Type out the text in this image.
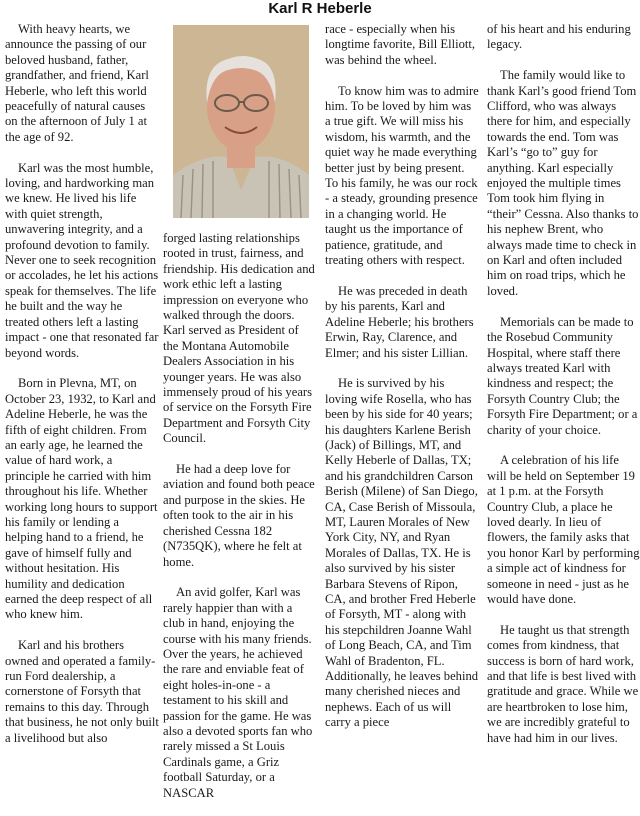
Karl R Heberle

With heavy hearts, we announce the passing of our beloved husband, father, grandfather, and friend, Karl Heberle, who left this world peacefully of natural causes on the afternoon of July 1 at the age of 92.

Karl was the most humble, loving, and hardworking man we knew. He lived his life with quiet strength, unwavering integrity, and a profound devotion to family. Never one to seek recognition or accolades, he let his actions speak for themselves. The life he built and the way he treated others left a lasting impact - one that resonated far beyond words.

Born in Plevna, MT, on October 23, 1932, to Karl and Adeline Heberle, he was the fifth of eight children. From an early age, he learned the value of hard work, a principle he carried with him throughout his life. Whether working long hours to support his family or lending a helping hand to a friend, he gave of himself fully and without hesitation. His humility and dedication earned the deep respect of all who knew him.

Karl and his brothers owned and operated a family-run Ford dealership, a cornerstone of Forsyth that remains to this day. Through that business, he not only built a livelihood but also

forged lasting relationships rooted in trust, fairness, and friendship. His dedication and work ethic left a lasting impression on everyone who walked through the doors. Karl served as President of the Montana Automobile Dealers Association in his younger years. He was also immensely proud of his years of service on the Forsyth Fire Department and Forsyth City Council.

He had a deep love for aviation and found both peace and purpose in the skies. He often took to the air in his cherished Cessna 182 (N735QK), where he felt at home.

An avid golfer, Karl was rarely happier than with a club in hand, enjoying the course with his many friends. Over the years, he achieved the rare and enviable feat of eight holes-in-one - a testament to his skill and passion for the game. He was also a devoted sports fan who rarely missed a St Louis Cardinals game, a Griz football Saturday, or a NASCAR

race - especially when his longtime favorite, Bill Elliott, was behind the wheel.

To know him was to admire him. To be loved by him was a true gift. We will miss his wisdom, his warmth, and the quiet way he made everything better just by being present. To his family, he was our rock - a steady, grounding presence in a changing world. He taught us the importance of patience, gratitude, and treating others with respect.

He was preceded in death by his parents, Karl and Adeline Heberle; his brothers Erwin, Ray, Clarence, and Elmer; and his sister Lillian.

He is survived by his loving wife Rosella, who has been by his side for 40 years; his daughters Karlene Berish (Jack) of Billings, MT, and Kelly Heberle of Dallas, TX; and his grandchildren Carson Berish (Milene) of San Diego, CA, Case Berish of Missoula, MT, Lauren Morales of New York City, NY, and Ryan Morales of Dallas, TX. He is also survived by his sister Barbara Stevens of Ripon, CA, and brother Fred Heberle of Forsyth, MT - along with his stepchildren Joanne Wahl of Long Beach, CA, and Tim Wahl of Bradenton, FL. Additionally, he leaves behind many cherished nieces and nephews. Each of us will carry a piece

of his heart and his enduring legacy.

The family would like to thank Karl’s good friend Tom Clifford, who was always there for him, and especially towards the end. Tom was Karl’s “go to” guy for anything. Karl especially enjoyed the multiple times Tom took him flying in “their” Cessna. Also thanks to his nephew Brent, who always made time to check in on Karl and often included him on road trips, which he loved.

Memorials can be made to the Rosebud Community Hospital, where staff there always treated Karl with kindness and respect; the Forsyth Country Club; the Forsyth Fire Department; or a charity of your choice.

A celebration of his life will be held on September 19 at 1 p.m. at the Forsyth Country Club, a place he loved dearly. In lieu of flowers, the family asks that you honor Karl by performing a simple act of kindness for someone in need - just as he would have done.

He taught us that strength comes from kindness, that success is born of hard work, and that life is best lived with gratitude and grace. While we are heartbroken to lose him, we are incredibly grateful to have had him in our lives.
